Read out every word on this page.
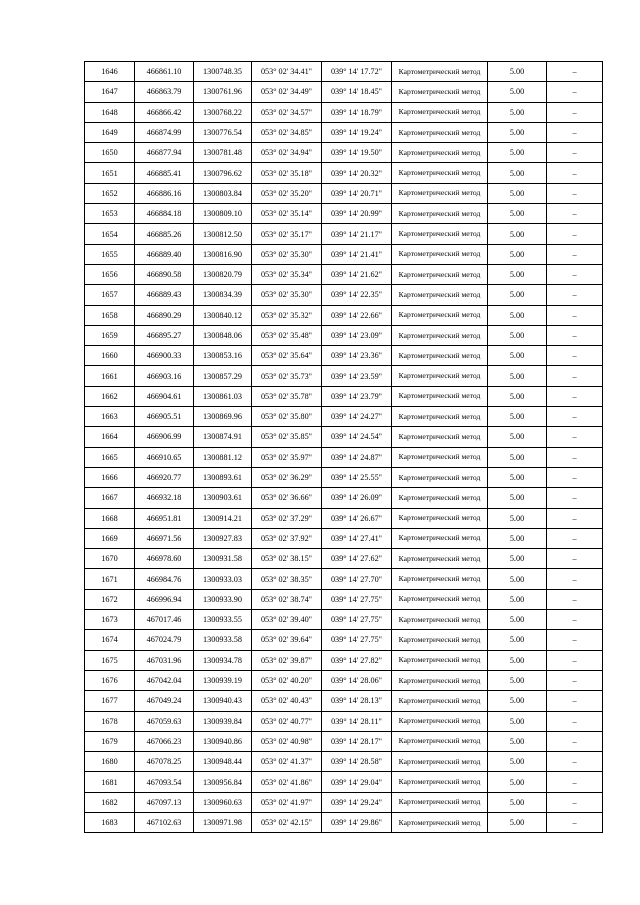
1646	466861.10	1300748.35	053° 02' 34.41"	039° 14' 17.72"	Картометрический метод	5.00	–
1647	466863.79	1300761.96	053° 02' 34.49"	039° 14' 18.45"	Картометрический метод	5.00	–
1648	466866.42	1300768.22	053° 02' 34.57"	039° 14' 18.79"	Картометрический метод	5.00	–
1649	466874.99	1300776.54	053° 02' 34.85"	039° 14' 19.24"	Картометрический метод	5.00	–
1650	466877.94	1300781.48	053° 02' 34.94"	039° 14' 19.50"	Картометрический метод	5.00	–
1651	466885.41	1300796.62	053° 02' 35.18"	039° 14' 20.32"	Картометрический метод	5.00	–
1652	466886.16	1300803.84	053° 02' 35.20"	039° 14' 20.71"	Картометрический метод	5.00	–
1653	466884.18	1300809.10	053° 02' 35.14"	039° 14' 20.99"	Картометрический метод	5.00	–
1654	466885.26	1300812.50	053° 02' 35.17"	039° 14' 21.17"	Картометрический метод	5.00	–
1655	466889.40	1300816.90	053° 02' 35.30"	039° 14' 21.41"	Картометрический метод	5.00	–
1656	466890.58	1300820.79	053° 02' 35.34"	039° 14' 21.62"	Картометрический метод	5.00	–
1657	466889.43	1300834.39	053° 02' 35.30"	039° 14' 22.35"	Картометрический метод	5.00	–
1658	466890.29	1300840.12	053° 02' 35.32"	039° 14' 22.66"	Картометрический метод	5.00	–
1659	466895.27	1300848.06	053° 02' 35.48"	039° 14' 23.09"	Картометрический метод	5.00	–
1660	466900.33	1300853.16	053° 02' 35.64"	039° 14' 23.36"	Картометрический метод	5.00	–
1661	466903.16	1300857.29	053° 02' 35.73"	039° 14' 23.59"	Картометрический метод	5.00	–
1662	466904.61	1300861.03	053° 02' 35.78"	039° 14' 23.79"	Картометрический метод	5.00	–
1663	466905.51	1300869.96	053° 02' 35.80"	039° 14' 24.27"	Картометрический метод	5.00	–
1664	466906.99	1300874.91	053° 02' 35.85"	039° 14' 24.54"	Картометрический метод	5.00	–
1665	466910.65	1300881.12	053° 02' 35.97"	039° 14' 24.87"	Картометрический метод	5.00	–
1666	466920.77	1300893.61	053° 02' 36.29"	039° 14' 25.55"	Картометрический метод	5.00	–
1667	466932.18	1300903.61	053° 02' 36.66"	039° 14' 26.09"	Картометрический метод	5.00	–
1668	466951.81	1300914.21	053° 02' 37.29"	039° 14' 26.67"	Картометрический метод	5.00	–
1669	466971.56	1300927.83	053° 02' 37.92"	039° 14' 27.41"	Картометрический метод	5.00	–
1670	466978.60	1300931.58	053° 02' 38.15"	039° 14' 27.62"	Картометрический метод	5.00	–
1671	466984.76	1300933.03	053° 02' 38.35"	039° 14' 27.70"	Картометрический метод	5.00	–
1672	466996.94	1300933.90	053° 02' 38.74"	039° 14' 27.75"	Картометрический метод	5.00	–
1673	467017.46	1300933.55	053° 02' 39.40"	039° 14' 27.75"	Картометрический метод	5.00	–
1674	467024.79	1300933.58	053° 02' 39.64"	039° 14' 27.75"	Картометрический метод	5.00	–
1675	467031.96	1300934.78	053° 02' 39.87"	039° 14' 27.82"	Картометрический метод	5.00	–
1676	467042.04	1300939.19	053° 02' 40.20"	039° 14' 28.06"	Картометрический метод	5.00	–
1677	467049.24	1300940.43	053° 02' 40.43"	039° 14' 28.13"	Картометрический метод	5.00	–
1678	467059.63	1300939.84	053° 02' 40.77"	039° 14' 28.11"	Картометрический метод	5.00	–
1679	467066.23	1300940.86	053° 02' 40.98"	039° 14' 28.17"	Картометрический метод	5.00	–
1680	467078.25	1300948.44	053° 02' 41.37"	039° 14' 28.58"	Картометрический метод	5.00	–
1681	467093.54	1300956.84	053° 02' 41.86"	039° 14' 29.04"	Картометрический метод	5.00	–
1682	467097.13	1300960.63	053° 02' 41.97"	039° 14' 29.24"	Картометрический метод	5.00	–
1683	467102.63	1300971.98	053° 02' 42.15"	039° 14' 29.86"	Картометрический метод	5.00	–
